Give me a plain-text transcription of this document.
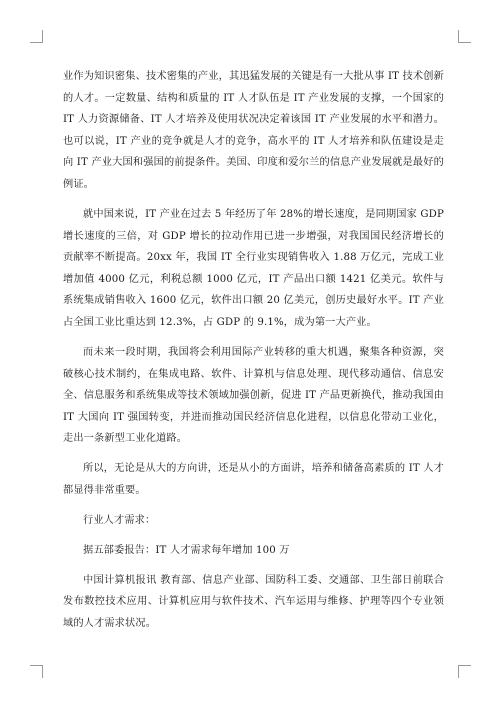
业作为知识密集、技术密集的产业，其迅猛发展的关键是有一大批从事 IT 技术创新的人才。一定数量、结构和质量的 IT 人才队伍是 IT 产业发展的支撑，一个国家的 IT 人力资源储备、IT 人才培养及使用状况决定着该国 IT 产业发展的水平和潜力。也可以说，IT 产业的竞争就是人才的竞争，高水平的 IT 人才培养和队伍建设是走向 IT 产业大国和强国的前提条件。美国、印度和爱尔兰的信息产业发展就是最好的例证。

就中国来说，IT 产业在过去 5 年经历了年 28%的增长速度，是同期国家 GDP 增长速度的三倍，对 GDP 增长的拉动作用已进一步增强，对我国国民经济增长的贡献率不断提高。20xx 年，我国 IT 全行业实现销售收入 1.88 万亿元，完成工业增加值 4000 亿元，利税总额 1000 亿元，IT 产品出口额 1421 亿美元。软件与系统集成销售收入 1600 亿元，软件出口额 20 亿美元，创历史最好水平。IT 产业占全国工业比重达到 12.3%，占 GDP 的 9.1%，成为第一大产业。

而未来一段时期，我国将会利用国际产业转移的重大机遇，聚集各种资源，突破核心技术制约，在集成电路、软件、计算机与信息处理、现代移动通信、信息安全、信息服务和系统集成等技术领域加强创新，促进 IT 产品更新换代，推动我国由 IT 大国向 IT 强国转变，并进而推动国民经济信息化进程，以信息化带动工业化，走出一条新型工业化道路。

所以，无论是从大的方向讲，还是从小的方面讲，培养和储备高素质的 IT 人才都显得非常重要。

行业人才需求：

据五部委报告：IT 人才需求每年增加 100 万

中国计算机报讯 教育部、信息产业部、国防科工委、交通部、卫生部日前联合发布数控技术应用、计算机应用与软件技术、汽车运用与维修、护理等四个专业领域的人才需求状况。
